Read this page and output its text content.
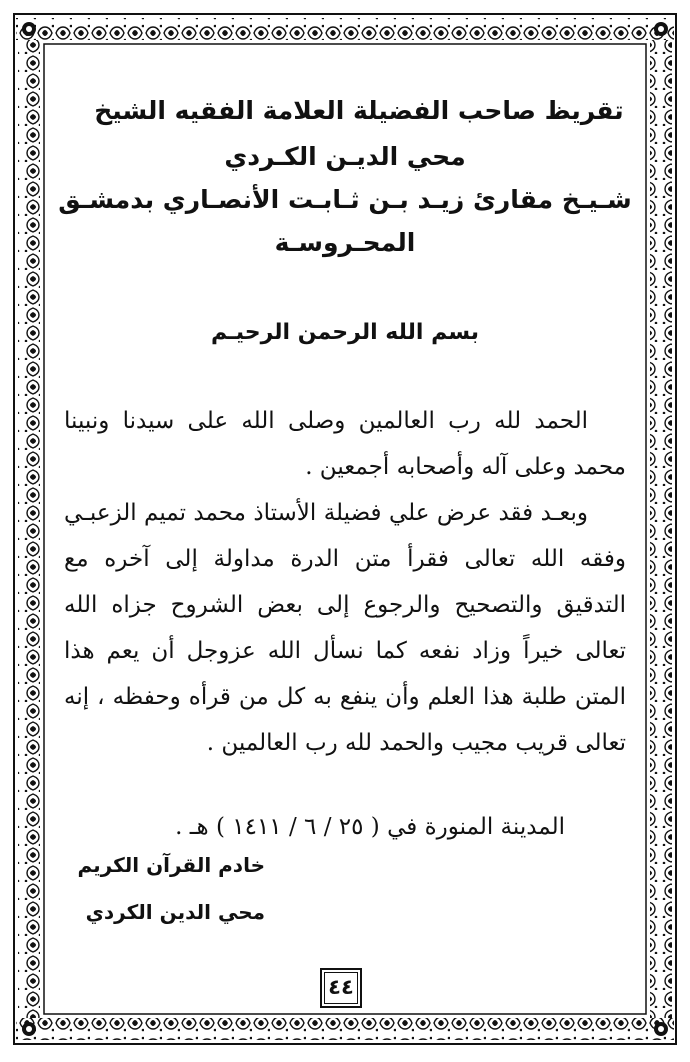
تقريظ صاحب الفضيلة العلامة الفقيه الشيخ
محي الديـن الكـردي
شـيـخ مقارئ زيـد بـن ثـابـت الأنصـاري بدمشـق
المحـروسـة
بسم الله الرحمن الرحيـم

الحمد لله رب العالمين وصلى الله على سيدنا ونبينا محمد وعلى آله وأصحابه أجمعين .

وبعـد فقد عرض علي فضيلة الأستاذ محمد تميم الزعبـي وفقه الله تعالى فقرأ متن الدرة مداولة إلى آخره مع التدقيق والتصحيح والرجوع إلى بعض الشروح جزاه الله تعالى خيراً وزاد نفعه كما نسأل الله عزوجل أن يعم هذا المتن طلبة هذا العلم وأن ينفع به كل من قرأه وحفظه ، إنه تعالى قريب مجيب والحمد لله رب العالمين .

المدينة المنورة في ( ٢٥ / ٦ / ١٤١١ ) هـ .
خادم القرآن الكريم
محي الدين الكردي
٤٤
